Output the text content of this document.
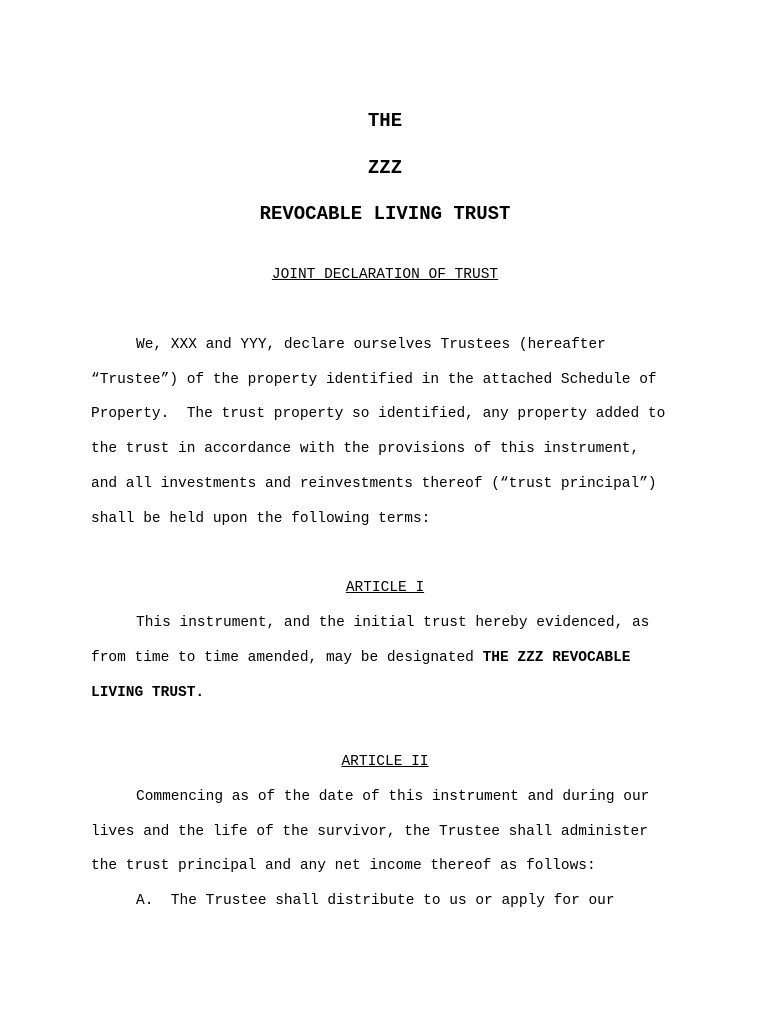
THE
ZZZ
REVOCABLE LIVING TRUST
JOINT DECLARATION OF TRUST
We, XXX and YYY, declare ourselves Trustees (hereafter
“Trustee”) of the property identified in the attached Schedule of
Property.  The trust property so identified, any property added to
the trust in accordance with the provisions of this instrument,
and all investments and reinvestments thereof (“trust principal”)
shall be held upon the following terms:
ARTICLE I
This instrument, and the initial trust hereby evidenced, as
from time to time amended, may be designated THE ZZZ REVOCABLE
LIVING TRUST.
ARTICLE II
Commencing as of the date of this instrument and during our
lives and the life of the survivor, the Trustee shall administer
the trust principal and any net income thereof as follows:
A.  The Trustee shall distribute to us or apply for our
